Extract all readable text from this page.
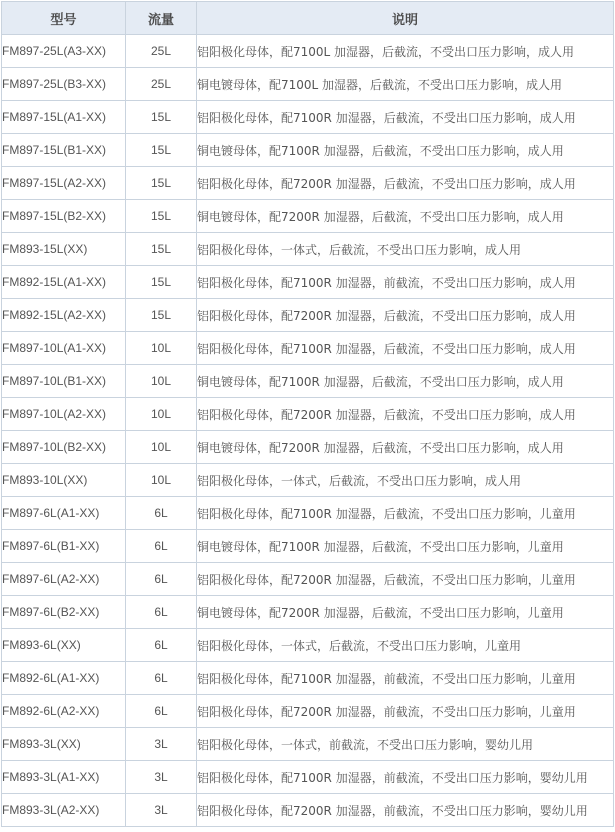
型号	流量	说明
FM897-25L(A3-XX)	25L	铝阳极化母体，配7100L 加湿器，后截流，不受出口压力影响，成人用
FM897-25L(B3-XX)	25L	铜电镀母体，配7100L 加湿器，后截流，不受出口压力影响，成人用
FM897-15L(A1-XX)	15L	铝阳极化母体，配7100R 加湿器，后截流，不受出口压力影响，成人用
FM897-15L(B1-XX)	15L	铜电镀母体，配7100R 加湿器，后截流，不受出口压力影响，成人用
FM897-15L(A2-XX)	15L	铝阳极化母体，配7200R 加湿器，后截流，不受出口压力影响，成人用
FM897-15L(B2-XX)	15L	铜电镀母体，配7200R 加湿器，后截流，不受出口压力影响，成人用
FM893-15L(XX)	15L	铝阳极化母体，一体式，后截流，不受出口压力影响，成人用
FM892-15L(A1-XX)	15L	铝阳极化母体，配7100R 加湿器，前截流，不受出口压力影响，成人用
FM892-15L(A2-XX)	15L	铝阳极化母体，配7200R 加湿器，后截流，不受出口压力影响，成人用
FM897-10L(A1-XX)	10L	铝阳极化母体，配7100R 加湿器，后截流，不受出口压力影响，成人用
FM897-10L(B1-XX)	10L	铜电镀母体，配7100R 加湿器，后截流，不受出口压力影响，成人用
FM897-10L(A2-XX)	10L	铝阳极化母体，配7200R 加湿器，后截流，不受出口压力影响，成人用
FM897-10L(B2-XX)	10L	铜电镀母体，配7200R 加湿器，后截流，不受出口压力影响，成人用
FM893-10L(XX)	10L	铝阳极化母体，一体式，后截流，不受出口压力影响，成人用
FM897-6L(A1-XX)	6L	铝阳极化母体，配7100R 加湿器，后截流，不受出口压力影响，儿童用
FM897-6L(B1-XX)	6L	铜电镀母体，配7100R 加湿器，后截流，不受出口压力影响，儿童用
FM897-6L(A2-XX)	6L	铝阳极化母体，配7200R 加湿器，后截流，不受出口压力影响，儿童用
FM897-6L(B2-XX)	6L	铜电镀母体，配7200R 加湿器，后截流，不受出口压力影响，儿童用
FM893-6L(XX)	6L	铝阳极化母体，一体式，后截流，不受出口压力影响，儿童用
FM892-6L(A1-XX)	6L	铝阳极化母体，配7100R 加湿器，前截流，不受出口压力影响，儿童用
FM892-6L(A2-XX)	6L	铝阳极化母体，配7200R 加湿器，前截流，不受出口压力影响，儿童用
FM893-3L(XX)	3L	铝阳极化母体，一体式，前截流，不受出口压力影响，婴幼儿用
FM893-3L(A1-XX)	3L	铝阳极化母体，配7100R 加湿器，前截流，不受出口压力影响，婴幼儿用
FM893-3L(A2-XX)	3L	铝阳极化母体，配7200R 加湿器，前截流，不受出口压力影响，婴幼儿用
